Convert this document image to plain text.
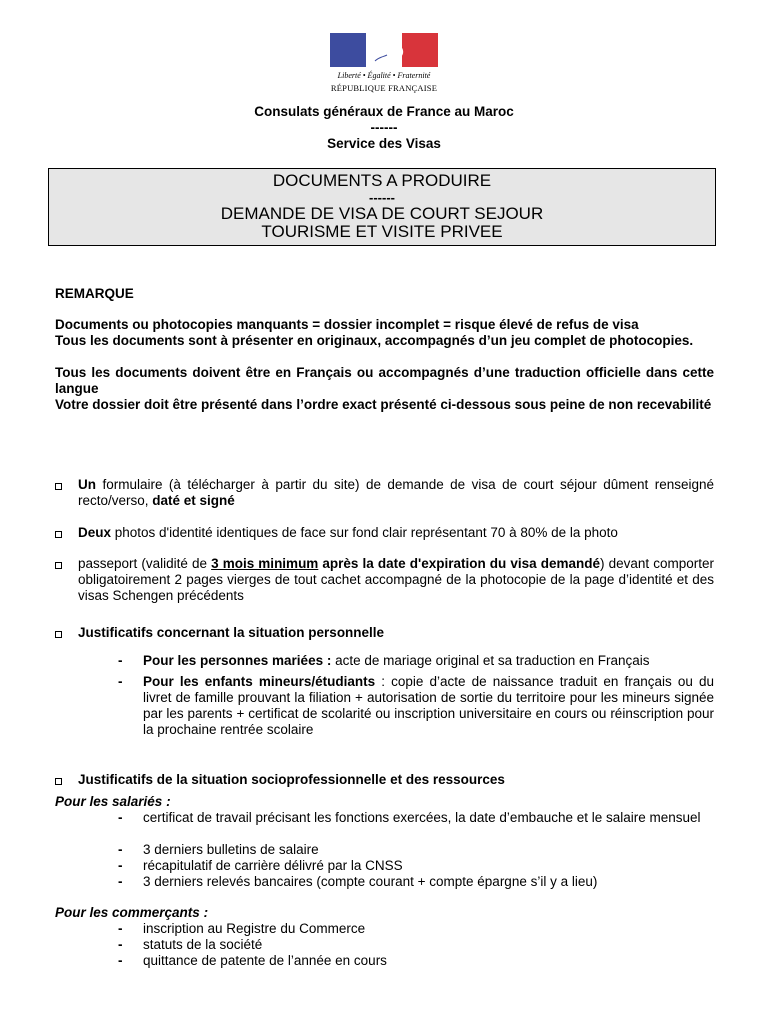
Liberté • Égalité • Fraternité
RÉPUBLIQUE FRANÇAISE
Consulats généraux de France au Maroc
------
Service des Visas
DOCUMENTS A PRODUIRE
------
DEMANDE DE VISA DE COURT SEJOUR
TOURISME ET VISITE PRIVEE
REMARQUE
Documents ou photocopies manquants = dossier incomplet = risque élevé de refus de visa
Tous les documents sont à présenter en originaux, accompagnés d’un jeu complet de photocopies.
Tous les documents doivent être en Français ou accompagnés d’une traduction officielle dans cette langue
Votre dossier doit être présenté dans l’ordre exact présenté ci-dessous sous peine de non recevabilité
Un formulaire (à télécharger à partir du site) de demande de visa de court séjour dûment renseigné recto/verso, daté et signé
Deux photos d'identité identiques de face sur fond clair représentant 70 à 80% de la photo
passeport (validité de 3 mois minimum après la date d'expiration du visa demandé) devant comporter obligatoirement 2 pages vierges de tout cachet accompagné de la photocopie de la page d’identité et des visas Schengen précédents
Justificatifs concernant la situation personnelle
-	Pour les personnes mariées : acte de mariage original et sa traduction en Français
-	Pour les enfants mineurs/étudiants : copie d’acte de naissance traduit en français ou du livret de famille prouvant la filiation + autorisation de sortie du territoire pour les mineurs signée par les parents + certificat de scolarité ou inscription universitaire en cours ou réinscription pour la prochaine rentrée scolaire
Justificatifs de la situation socioprofessionnelle et des ressources
Pour les salariés :
-	certificat de travail précisant les fonctions exercées, la date d’embauche et le salaire mensuel
-	3 derniers bulletins de salaire
-	récapitulatif de carrière délivré par la CNSS
-	3 derniers relevés bancaires (compte courant + compte épargne s’il y a lieu)
Pour les commerçants :
-	inscription au Registre du Commerce
-	statuts de la société
-	quittance de patente de l’année en cours
